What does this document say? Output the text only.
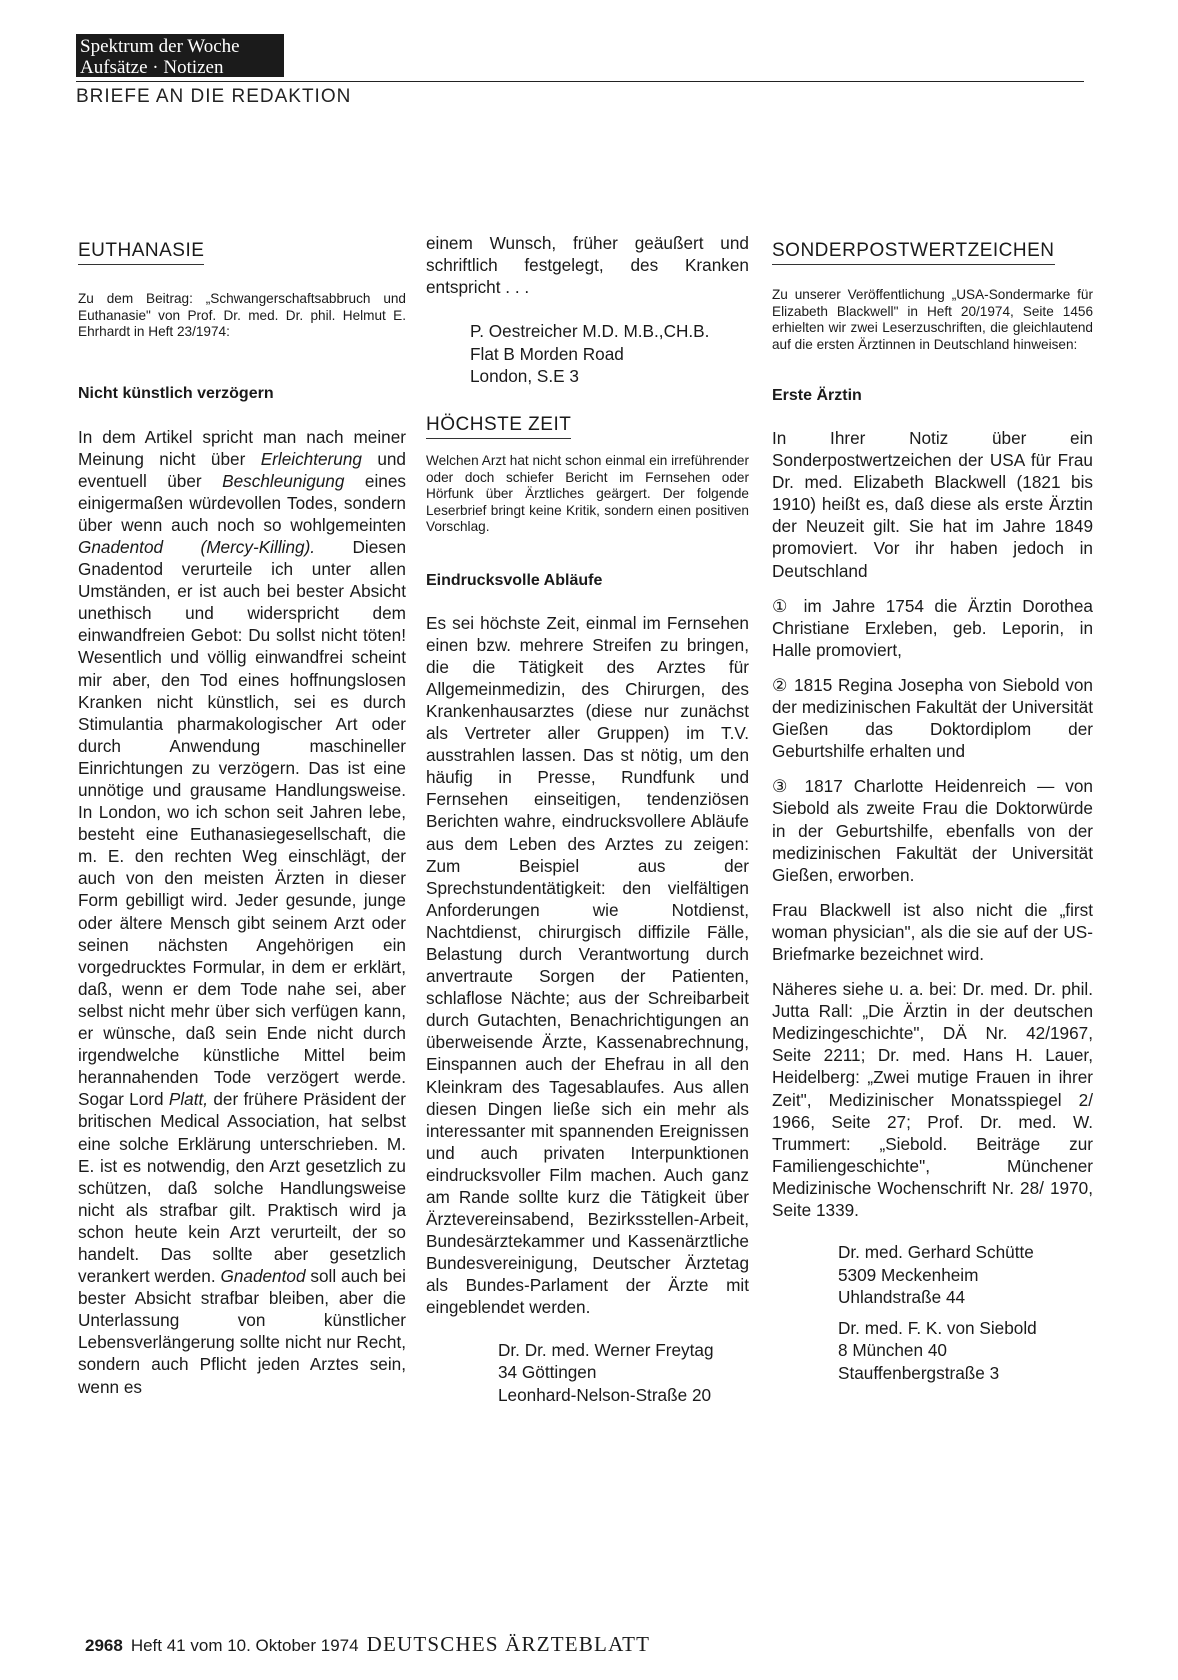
Spektrum der Woche
Aufsätze · Notizen
BRIEFE AN DIE REDAKTION
EUTHANASIE

Zu dem Beitrag: „Schwangerschaftsabbruch und Euthanasie" von Prof. Dr. med. Dr. phil. Helmut E. Ehrhardt in Heft 23/1974:

Nicht künstlich verzögern

In dem Artikel spricht man nach meiner Meinung nicht über Erleichterung und eventuell über Beschleunigung eines einigermaßen würdevollen Todes, sondern über wenn auch noch so wohlgemeinten Gnadentod (Mercy-Killing). Diesen Gnadentod verurteile ich unter allen Umständen, er ist auch bei bester Absicht unethisch und widerspricht dem einwandfreien Gebot: Du sollst nicht töten! Wesentlich und völlig einwandfrei scheint mir aber, den Tod eines hoffnungslosen Kranken nicht künstlich, sei es durch Stimulantia pharmakologischer Art oder durch Anwendung maschineller Einrichtungen zu verzögern. Das ist eine unnötige und grausame Handlungsweise. In London, wo ich schon seit Jahren lebe, besteht eine Euthanasiegesellschaft, die m. E. den rechten Weg einschlägt, der auch von den meisten Ärzten in dieser Form gebilligt wird. Jeder gesunde, junge oder ältere Mensch gibt seinem Arzt oder seinen nächsten Angehörigen ein vorgedrucktes Formular, in dem er erklärt, daß, wenn er dem Tode nahe sei, aber selbst nicht mehr über sich verfügen kann, er wünsche, daß sein Ende nicht durch irgendwelche künstliche Mittel beim herannahenden Tode verzögert werde. Sogar Lord Platt, der frühere Präsident der britischen Medical Association, hat selbst eine solche Erklärung unterschrieben. M. E. ist es notwendig, den Arzt gesetzlich zu schützen, daß solche Handlungsweise nicht als strafbar gilt. Praktisch wird ja schon heute kein Arzt verurteilt, der so handelt. Das sollte aber gesetzlich verankert werden. Gnadentod soll auch bei bester Absicht strafbar bleiben, aber die Unterlassung von künstlicher Lebensverlängerung sollte nicht nur Recht, sondern auch Pflicht jeden Arztes sein, wenn es

einem Wunsch, früher geäußert und schriftlich festgelegt, des Kranken entspricht . . .

P. Oestreicher M.D. M.B.,CH.B.
Flat B Morden Road
London, S.E 3
HÖCHSTE ZEIT

Welchen Arzt hat nicht schon einmal ein irreführender oder doch schiefer Bericht im Fernsehen oder Hörfunk über Ärztliches geärgert. Der folgende Leserbrief bringt keine Kritik, sondern einen positiven Vorschlag.

Eindrucksvolle Abläufe

Es sei höchste Zeit, einmal im Fernsehen einen bzw. mehrere Streifen zu bringen, die die Tätigkeit des Arztes für Allgemeinmedizin, des Chirurgen, des Krankenhausarztes (diese nur zunächst als Vertreter aller Gruppen) im T.V. ausstrahlen lassen. Das st nötig, um den häufig in Presse, Rundfunk und Fernsehen einseitigen, tendenziösen Berichten wahre, eindrucksvollere Abläufe aus dem Leben des Arztes zu zeigen: Zum Beispiel aus der Sprechstundentätigkeit: den vielfältigen Anforderungen wie Notdienst, Nachtdienst, chirurgisch diffizile Fälle, Belastung durch Verantwortung durch anvertraute Sorgen der Patienten, schlaflose Nächte; aus der Schreibarbeit durch Gutachten, Benachrichtigungen an überweisende Ärzte, Kassenabrechnung, Einspannen auch der Ehefrau in all den Kleinkram des Tagesablaufes. Aus allen diesen Dingen ließe sich ein mehr als interessanter mit spannenden Ereignissen und auch privaten Interpunktionen eindrucksvoller Film machen. Auch ganz am Rande sollte kurz die Tätigkeit über Ärztevereinsabend, Bezirksstellen-Arbeit, Bundesärztekammer und Kassenärztliche Bundesvereinigung, Deutscher Ärztetag als Bundes-Parlament der Ärzte mit eingeblendet werden.

Dr. Dr. med. Werner Freytag
34 Göttingen
Leonhard-Nelson-Straße 20
SONDERPOSTWERTZEICHEN

Zu unserer Veröffentlichung „USA-Sondermarke für Elizabeth Blackwell" in Heft 20/1974, Seite 1456 erhielten wir zwei Leserzuschriften, die gleichlautend auf die ersten Ärztinnen in Deutschland hinweisen:

Erste Ärztin

In Ihrer Notiz über ein Sonderpostwertzeichen der USA für Frau Dr. med. Elizabeth Blackwell (1821 bis 1910) heißt es, daß diese als erste Ärztin der Neuzeit gilt. Sie hat im Jahre 1849 promoviert. Vor ihr haben jedoch in Deutschland

① im Jahre 1754 die Ärztin Dorothea Christiane Erxleben, geb. Leporin, in Halle promoviert,

② 1815 Regina Josepha von Siebold von der medizinischen Fakultät der Universität Gießen das Doktordiplom der Geburtshilfe erhalten und

③ 1817 Charlotte Heidenreich — von Siebold als zweite Frau die Doktorwürde in der Geburtshilfe, ebenfalls von der medizinischen Fakultät der Universität Gießen, erworben.

Frau Blackwell ist also nicht die „first woman physician", als die sie auf der US-Briefmarke bezeichnet wird.

Näheres siehe u. a. bei: Dr. med. Dr. phil. Jutta Rall: „Die Ärztin in der deutschen Medizingeschichte", DÄ Nr. 42/1967, Seite 2211; Dr. med. Hans H. Lauer, Heidelberg: „Zwei mutige Frauen in ihrer Zeit", Medizinischer Monatsspiegel 2/ 1966, Seite 27; Prof. Dr. med. W. Trummert: „Siebold. Beiträge zur Familiengeschichte", Münchener Medizinische Wochenschrift Nr. 28/ 1970, Seite 1339.

Dr. med. Gerhard Schütte
5309 Meckenheim
Uhlandstraße 44
Dr. med. F. K. von Siebold
8 München 40
Stauffenbergstraße 3
2968 Heft 41 vom 10. Oktober 1974 DEUTSCHES ÄRZTEBLATT
